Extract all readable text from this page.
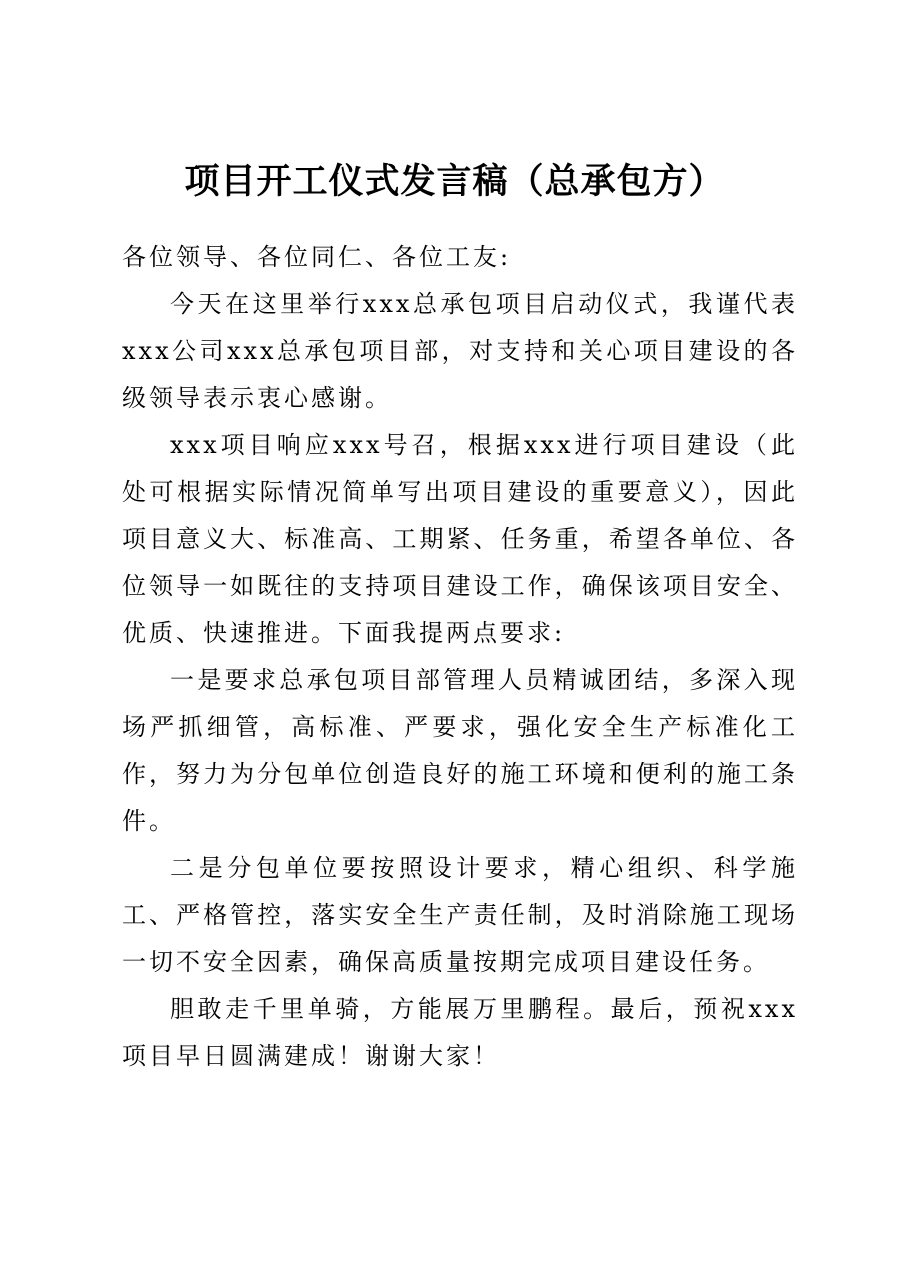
项目开工仪式发言稿（总承包方）

各位领导、各位同仁、各位工友:

今天在这里举行xxx总承包项目启动仪式，我谨代表xxx公司xxx总承包项目部，对支持和关心项目建设的各级领导表示衷心感谢。

xxx项目响应xxx号召，根据xxx进行项目建设（此处可根据实际情况简单写出项目建设的重要意义），因此项目意义大、标准高、工期紧、任务重，希望各单位、各位领导一如既往的支持项目建设工作，确保该项目安全、优质、快速推进。下面我提两点要求:

一是要求总承包项目部管理人员精诚团结，多深入现场严抓细管，高标准、严要求，强化安全生产标准化工作，努力为分包单位创造良好的施工环境和便利的施工条件。

二是分包单位要按照设计要求，精心组织、科学施工、严格管控，落实安全生产责任制，及时消除施工现场一切不安全因素，确保高质量按期完成项目建设任务。

胆敢走千里单骑，方能展万里鹏程。最后，预祝xxx项目早日圆满建成！谢谢大家！
